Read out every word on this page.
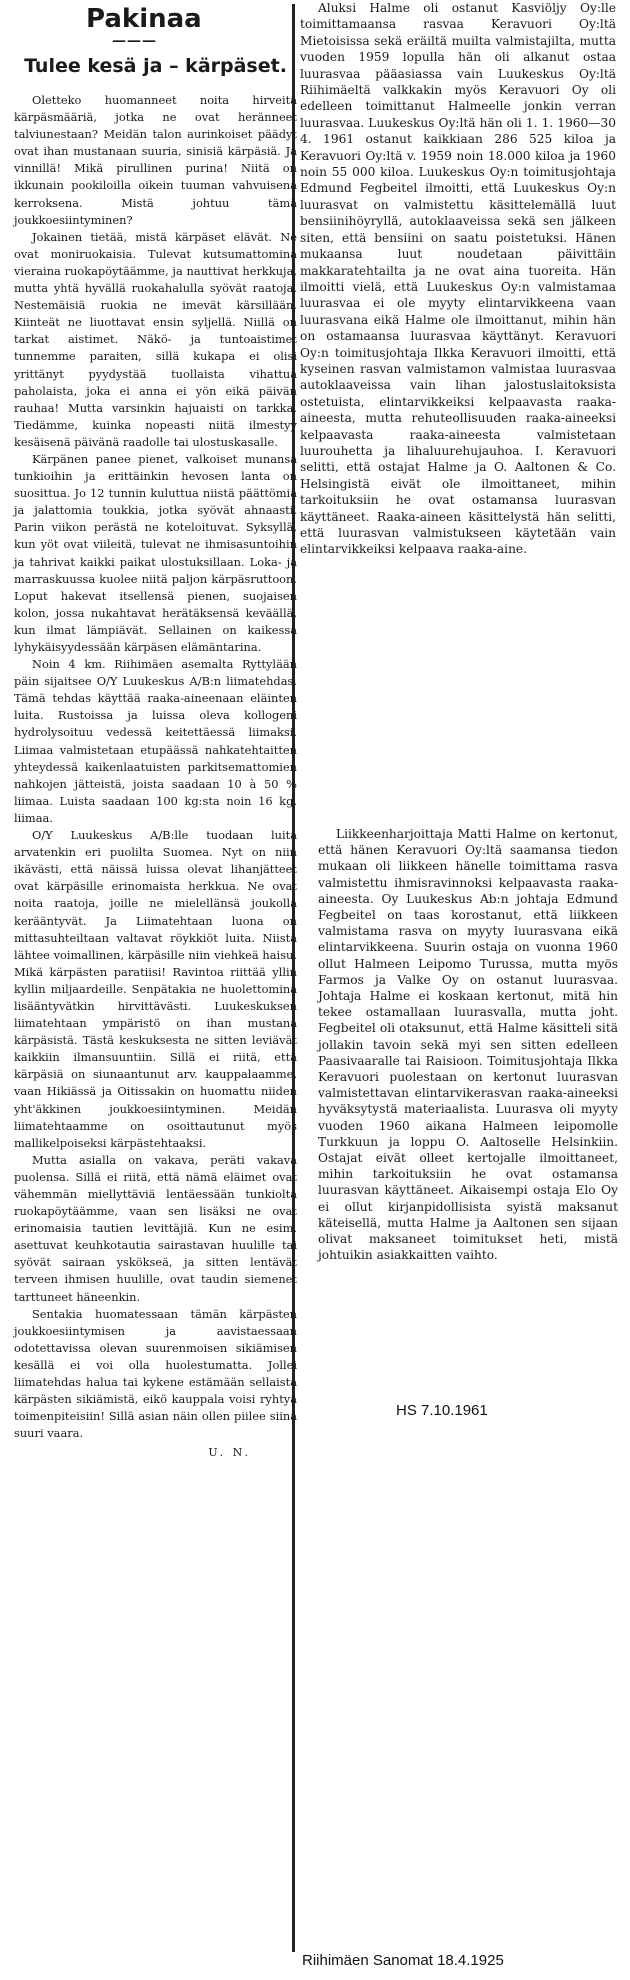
Pakinaa
———
Tulee kesä ja – kärpäset.

Oletteko huomanneet noita hirveitä kärpäsmääriä, jotka ne ovat heränneet talviunestaan? Meidän talon aurinkoiset päädyt ovat ihan mustanaan suuria, sinisiä kärpäsiä. Ja vinnillä! Mikä pirullinen purina! Niitä on ikkunain pookiloilla oikein tuuman vahvuisena kerroksena. Mistä johtuu tämä joukkoesiintyminen?

Jokainen tietää, mistä kärpäset elävät. Ne ovat moniruokaisia. Tulevat kutsumattomina vieraina ruokapöytäämme, ja nauttivat herkkuja, mutta yhtä hyvällä ruokahalulla syövät raatoja. Nestemäisiä ruokia ne imevät kärsillään. Kiinteät ne liuottavat ensin syljellä. Niillä on tarkat aistimet. Näkö- ja tuntoaistimet tunnemme paraiten, sillä kukapa ei olisi yrittänyt pyydystää tuollaista vihattua paholaista, joka ei anna ei yön eikä päivän rauhaa! Mutta varsinkin hajuaisti on tarkka. Tiedämme, kuinka nopeasti niitä ilmestyy kesäisenä päivänä raadolle tai ulostuskasalle.

Kärpänen panee pienet, valkoiset munansa tunkioihin ja erittäinkin hevosen lanta on suosittua. Jo 12 tunnin kuluttua niistä päättömiä ja jalattomia toukkia, jotka syövät ahnaasti. Parin viikon perästä ne koteloituvat. Syksyllä, kun yöt ovat viileitä, tulevat ne ihmisasuntoihin ja tahrivat kaikki paikat ulostuksillaan. Loka- ja marraskuussa kuolee niitä paljon kärpäsruttoon. Loput hakevat itsellensä pienen, suojaisen kolon, jossa nukahtavat herätäksensä keväällä, kun ilmat lämpiävät. Sellainen on kaikessa lyhykäisyydessään kärpäsen elämäntarina.

Noin 4 km. Riihimäen asemalta Ryttylään päin sijaitsee O/Y Luukeskus A/B:n liimatehdas. Tämä tehdas käyttää raaka-aineenaan eläinten luita. Rustoissa ja luissa oleva kollogeni hydrolysoituu vedessä keitettäessä liimaksi. Liimaa valmistetaan etupäässä nahkatehtaitten yhteydessä kaikenlaatuisten parkitsemattomien nahkojen jätteistä, joista saadaan 10 à 50 % liimaa. Luista saadaan 100 kg:sta noin 16 kg. liimaa.

O/Y Luukeskus A/B:lle tuodaan luita arvatenkin eri puolilta Suomea. Nyt on niin ikävästi, että näissä luissa olevat lihanjätteet ovat kärpäsille erinomaista herkkua. Ne ovat noita raatoja, joille ne mielellänsä joukolla kerääntyvät. Ja Liimatehtaan luona on mittasuhteiltaan valtavat röykkiöt luita. Niistä lähtee voimallinen, kärpäsille niin viehkeä haisu. Mikä kärpästen paratiisi! Ravintoa riittää yllin kyllin miljaardeille. Senpätakia ne huolettomina lisääntyvätkin hirvittävästi. Luukeskuksen liimatehtaan ympäristö on ihan mustana kärpäsistä. Tästä keskuksesta ne sitten leviävät kaikkiin ilmansuuntiin. Sillä ei riitä, että kärpäsiä on siunaantunut arv. kauppalaamme, vaan Hikiässä ja Oitissakin on huomattu niiden yht'äkkinen joukkoesiintyminen. Meidän liimatehtaamme on osoittautunut myös mallikelpoiseksi kärpästehtaaksi.

Mutta asialla on vakava, peräti vakava puolensa. Sillä ei riitä, että nämä eläimet ovat vähemmän miellyttäviä lentäessään tunkiolta ruokapöytäämme, vaan sen lisäksi ne ovat erinomaisia tautien levittäjiä. Kun ne esim. asettuvat keuhkotautia sairastavan huulille tai syövät sairaan yskökseä, ja sitten lentävät terveen ihmisen huulille, ovat taudin siemenet tarttuneet häneenkin.

Sentakia huomatessaan tämän kärpästen joukkoesiintymisen ja aavistaessaan odotettavissa olevan suurenmoisen sikiämisen kesällä ei voi olla huolestumatta. Jollei liimatehdas halua tai kykene estämään sellaista kärpästen sikiämistä, eikö kauppala voisi ryhtyä toimenpiteisiin! Sillä asian näin ollen piilee siinä suuri vaara.

U. N.

Aluksi Halme oli ostanut Kasviöljy Oy:lle toimittamaansa rasvaa Keravuori Oy:ltä Mietoisissa sekä eräiltä muilta valmistajilta, mutta vuoden 1959 lopulla hän oli alkanut ostaa luurasvaa pääasiassa vain Luukeskus Oy:ltä Riihimäeltä valkkakin myös Keravuori Oy oli edelleen toimittanut Halmeelle jonkin verran luurasvaa. Luukeskus Oy:ltä hän oli 1. 1. 1960—30 4. 1961 ostanut kaikkiaan 286 525 kiloa ja Keravuori Oy:ltä v. 1959 noin 18.000 kiloa ja 1960 noin 55 000 kiloa. Luukeskus Oy:n toimitusjohtaja Edmund Fegbeitel ilmoitti, että Luukeskus Oy:n luurasvat on valmistettu käsittelemällä luut bensiinihöyryllä, autoklaaveissa sekä sen jälkeen siten, että bensiini on saatu poistetuksi. Hänen mukaansa luut noudetaan päivittäin makkaratehtailta ja ne ovat aina tuoreita. Hän ilmoitti vielä, että Luukeskus Oy:n valmistamaa luurasvaa ei ole myyty elintarvikkeena vaan luurasvana eikä Halme ole ilmoittanut, mihin hän on ostamaansa luurasvaa käyttänyt. Keravuori Oy:n toimitusjohtaja Ilkka Keravuori ilmoitti, että kyseinen rasvan valmistamon valmistaa luurasvaa autoklaaveissa vain lihan jalostuslaitoksista ostetuista, elintarvikkeiksi kelpaavasta raaka-aineesta, mutta rehuteollisuuden raaka-aineeksi kelpaavasta raaka-aineesta valmistetaan luurouhetta ja lihaluurehujauhoa. I. Keravuori selitti, että ostajat Halme ja O. Aaltonen & Co. Helsingistä eivät ole ilmoittaneet, mihin tarkoituksiin he ovat ostamansa luurasvan käyttäneet. Raaka-aineen käsittelystä hän selitti, että luurasvan valmistukseen käytetään vain elintarvikkeiksi kelpaava raaka-aine.

Liikkeenharjoittaja Matti Halme on kertonut, että hänen Keravuori Oy:ltä saamansa tiedon mukaan oli liikkeen hänelle toimittama rasva valmistettu ihmisravinnoksi kelpaavasta raaka-aineesta. Oy Luukeskus Ab:n johtaja Edmund Fegbeitel on taas korostanut, että liikkeen valmistama rasva on myyty luurasvana eikä elintarvikkeena. Suurin ostaja on vuonna 1960 ollut Halmeen Leipomo Turussa, mutta myös Farmos ja Valke Oy on ostanut luurasvaa. Johtaja Halme ei koskaan kertonut, mitä hin tekee ostamallaan luurasvalla, mutta joht. Fegbeitel oli otaksunut, että Halme käsitteli sitä jollakin tavoin sekä myi sen sitten edelleen Paasivaaralle tai Raisioon. Toimitusjohtaja Ilkka Keravuori puolestaan on kertonut luurasvan valmistettavan elintarvikerasvan raaka-aineeksi hyväksytystä materiaalista. Luurasva oli myyty vuoden 1960 aikana Halmeen leipomolle Turkkuun ja loppu O. Aaltoselle Helsinkiin. Ostajat eivät olleet kertojalle ilmoittaneet, mihin tarkoituksiin he ovat ostamansa luurasvan käyttäneet. Aikaisempi ostaja Elo Oy ei ollut kirjanpidollisista syistä maksanut käteisellä, mutta Halme ja Aaltonen sen sijaan olivat maksaneet toimitukset heti, mistä johtuikin asiakkaitten vaihto.

HS 7.10.1961
Riihimäen Sanomat 18.4.1925
